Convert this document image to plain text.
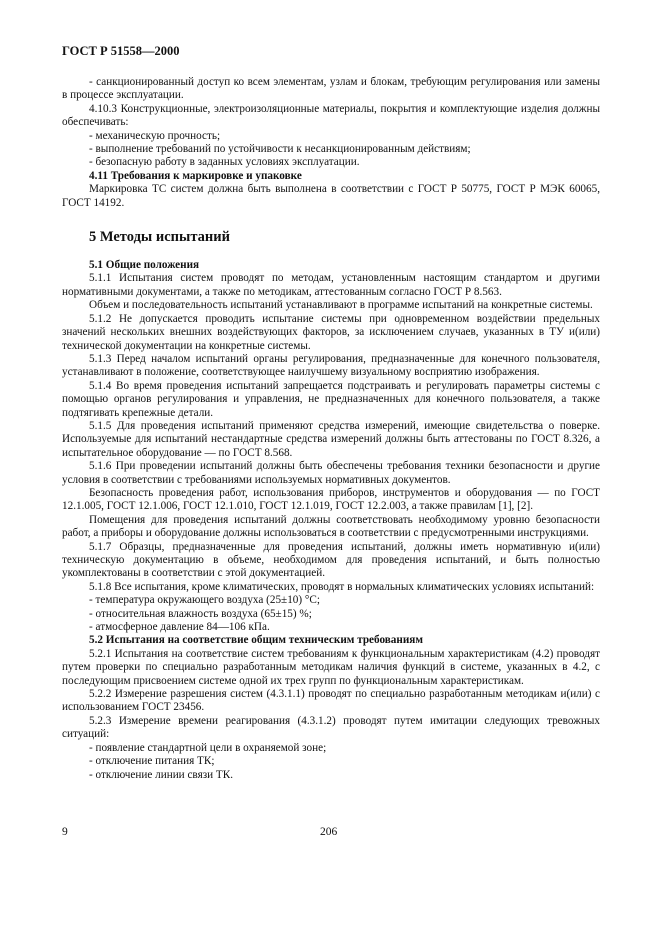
ГОСТ Р 51558—2000

- санкционированный доступ ко всем элементам, узлам и блокам, требующим регулирования или замены в процессе эксплуатации.

4.10.3 Конструкционные, электроизоляционные материалы, покрытия и комплектующие изделия должны обеспечивать:

- механическую прочность;

- выполнение требований по устойчивости к несанкционированным действиям;

- безопасную работу в заданных условиях эксплуатации.

4.11 Требования к маркировке и упаковке

Маркировка ТС систем должна быть выполнена в соответствии с ГОСТ Р 50775, ГОСТ Р МЭК 60065, ГОСТ 14192.

5 Методы испытаний

5.1 Общие положения

5.1.1 Испытания систем проводят по методам, установленным настоящим стандартом и другими нормативными документами, а также по методикам, аттестованным согласно ГОСТ Р 8.563.

Объем и последовательность испытаний устанавливают в программе испытаний на конкретные системы.

5.1.2 Не допускается проводить испытание системы при одновременном воздействии предельных значений нескольких внешних воздействующих факторов, за исключением случаев, указанных в ТУ и(или) технической документации на конкретные системы.

5.1.3 Перед началом испытаний органы регулирования, предназначенные для конечного пользователя, устанавливают в положение, соответствующее наилучшему визуальному восприятию изображения.

5.1.4 Во время проведения испытаний запрещается подстраивать и регулировать параметры системы с помощью органов регулирования и управления, не предназначенных для конечного пользователя, а также подтягивать крепежные детали.

5.1.5 Для проведения испытаний применяют средства измерений, имеющие свидетельства о поверке. Используемые для испытаний нестандартные средства измерений должны быть аттестованы по ГОСТ 8.326, а испытательное оборудование — по ГОСТ 8.568.

5.1.6 При проведении испытаний должны быть обеспечены требования техники безопасности и другие условия в соответствии с требованиями используемых нормативных документов.

Безопасность проведения работ, использования приборов, инструментов и оборудования — по ГОСТ 12.1.005, ГОСТ 12.1.006, ГОСТ 12.1.010, ГОСТ 12.1.019, ГОСТ 12.2.003, а также правилам [1], [2].

Помещения для проведения испытаний должны соответствовать необходимому уровню безопасности работ, а приборы и оборудование должны использоваться в соответствии с предусмотренными инструкциями.

5.1.7 Образцы, предназначенные для проведения испытаний, должны иметь нормативную и(или) техническую документацию в объеме, необходимом для проведения испытаний, и быть полностью укомплектованы в соответствии с этой документацией.

5.1.8 Все испытания, кроме климатических, проводят в нормальных климатических условиях испытаний:

- температура окружающего воздуха (25±10) °С;

- относительная влажность воздуха (65±15) %;

- атмосферное давление 84—106 кПа.

5.2 Испытания на соответствие общим техническим требованиям

5.2.1 Испытания на соответствие систем требованиям к функциональным характеристикам (4.2) проводят путем проверки по специально разработанным методикам наличия функций в системе, указанных в 4.2, с последующим присвоением системе одной их трех групп по функциональным характеристикам.

5.2.2 Измерение разрешения систем (4.3.1.1) проводят по специально разработанным методикам и(или) с использованием ГОСТ 23456.

5.2.3 Измерение времени реагирования (4.3.1.2) проводят путем имитации следующих тревожных ситуаций:

- появление стандартной цели в охраняемой зоне;

- отключение питания ТК;

- отключение линии связи ТК.

9	206
